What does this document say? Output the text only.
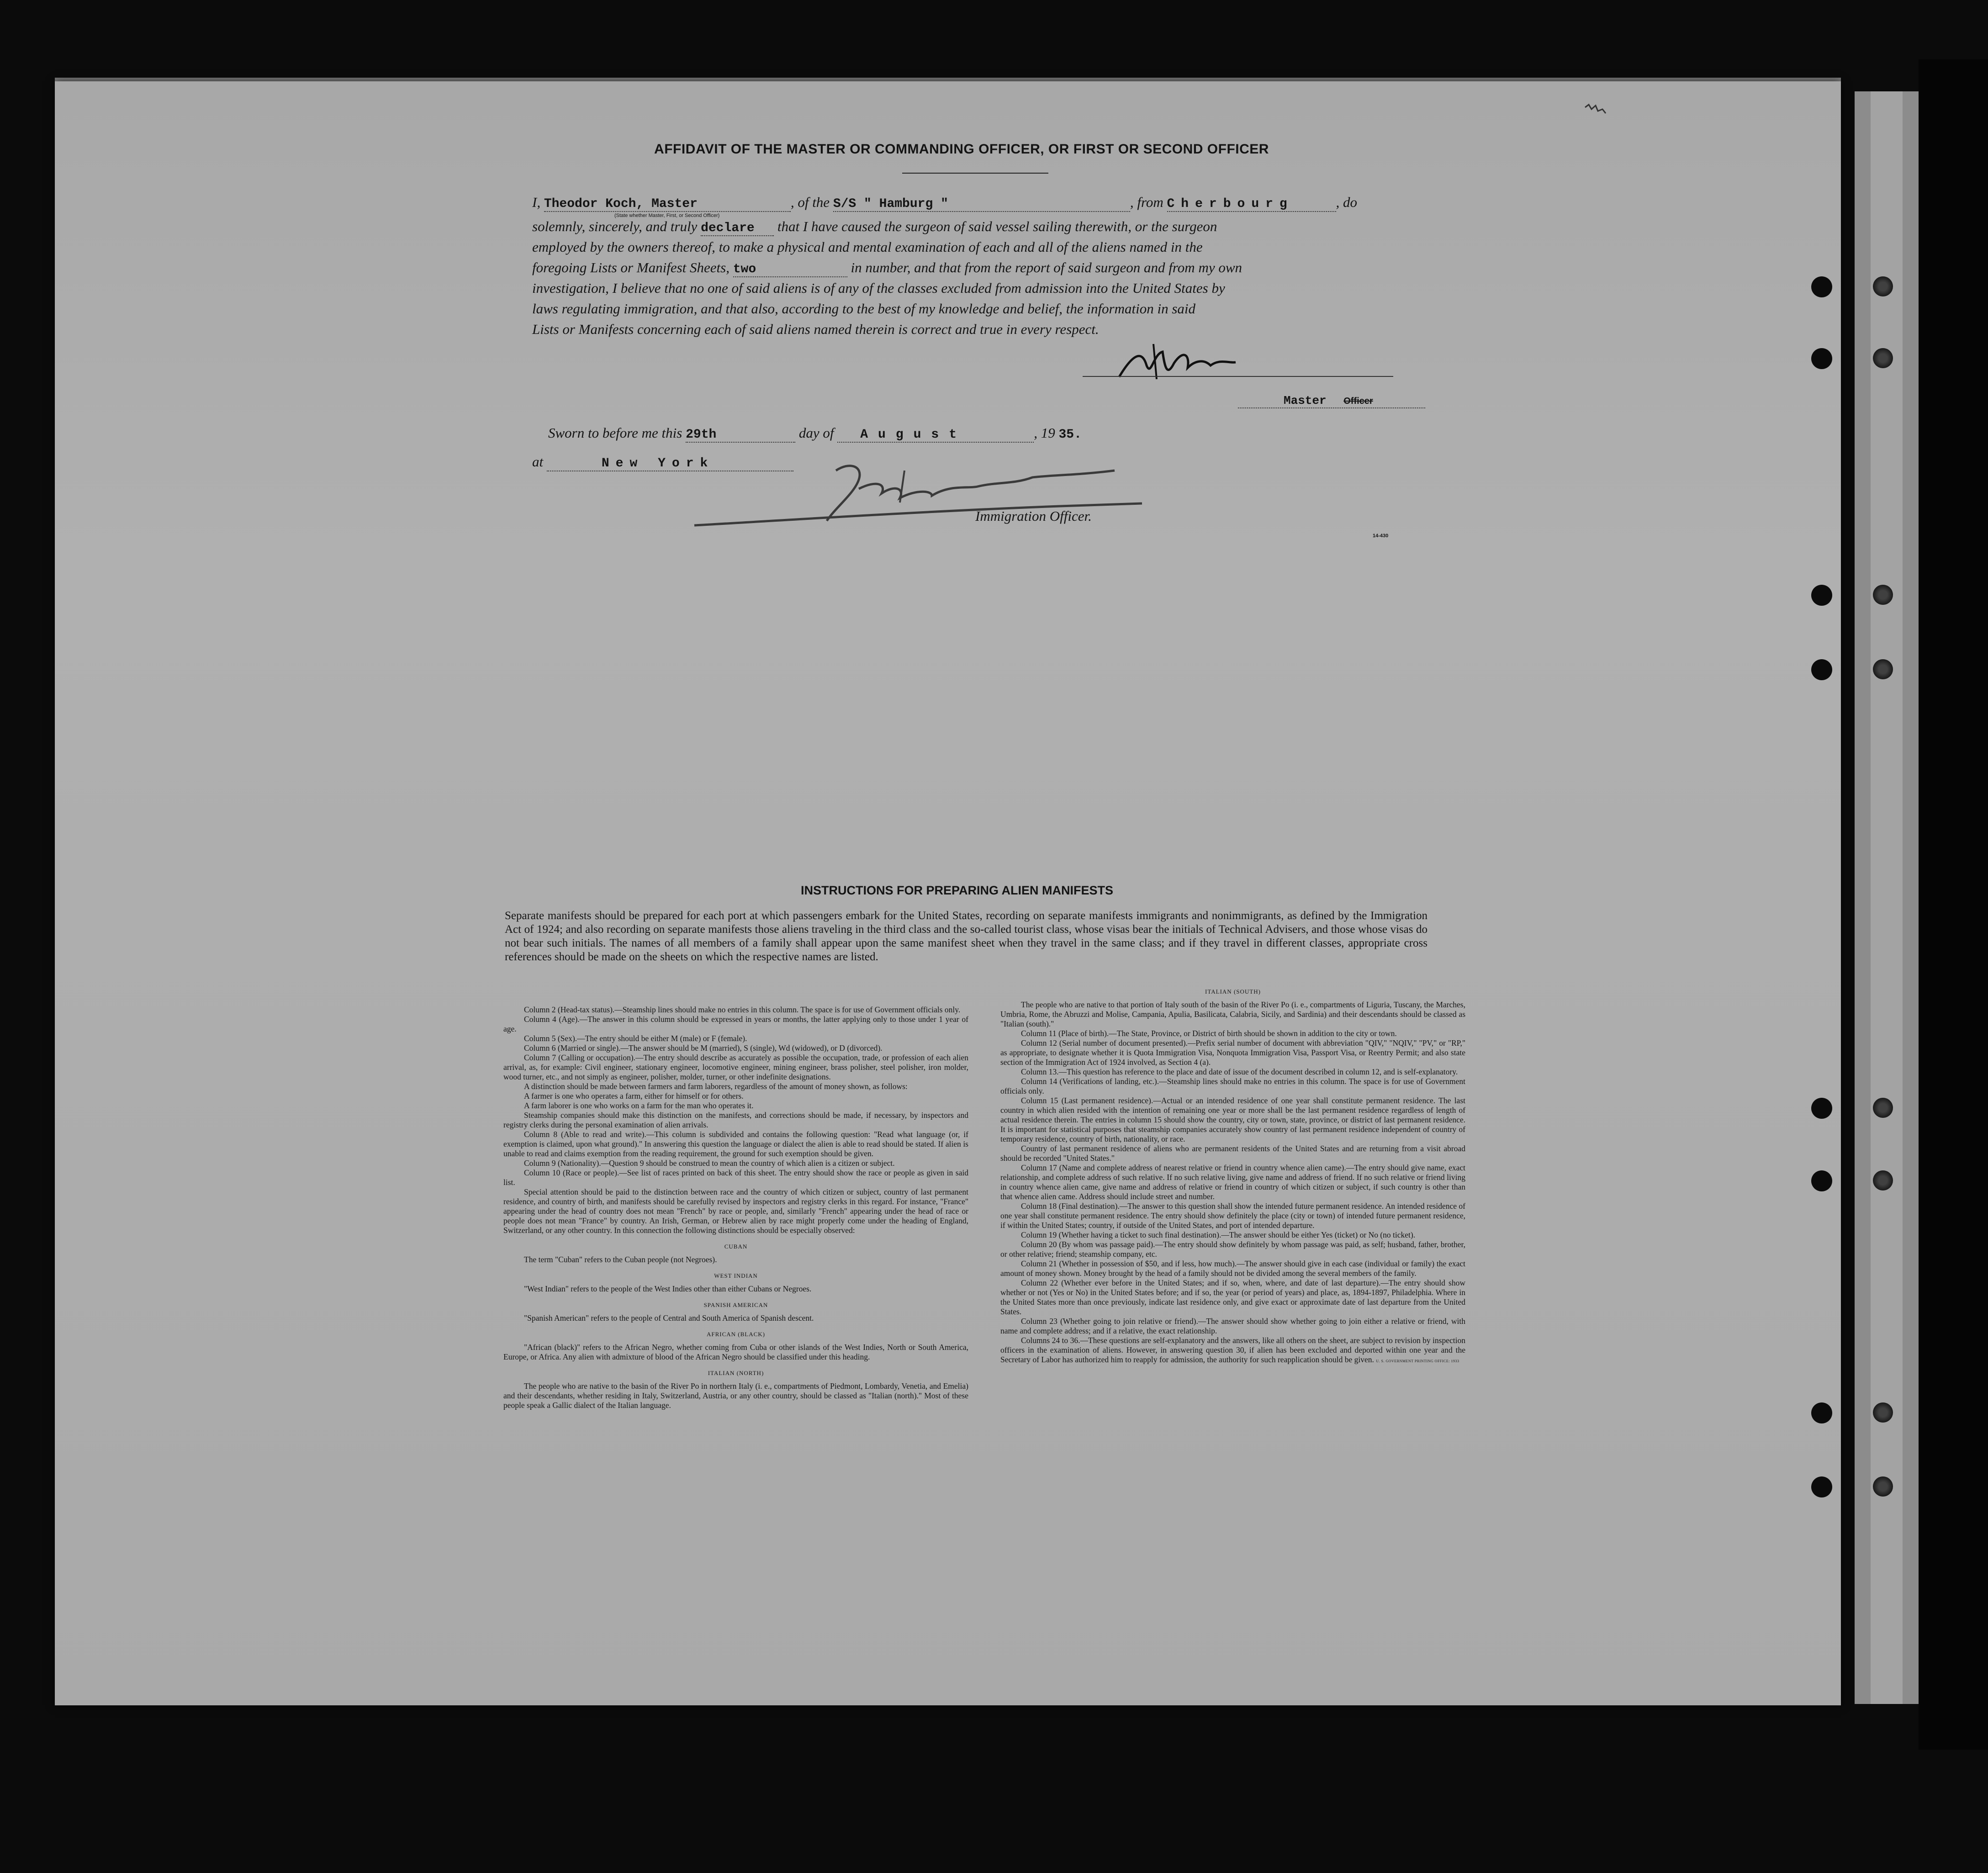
AFFIDAVIT OF THE MASTER OR COMMANDING OFFICER, OR FIRST OR SECOND OFFICER
I, Theodor Koch, Master	, of the S/S " Hamburg "	, from Cherbourg	, do
(State whether Master, First, or Second Officer)
solemnly, sincerely, and truly declare that I have caused the surgeon of said vessel sailing therewith, or the surgeon
employed by the owners thereof, to make a physical and mental examination of each and all of the aliens named in the
foregoing Lists or Manifest Sheets, two	in number, and that from the report of said surgeon and from my own
investigation, I believe that no one of said aliens is of any of the classes excluded from admission into the United States by
laws regulating immigration, and that also, according to the best of my knowledge and belief, the information in said
Lists or Manifests concerning each of said aliens named therein is correct and true in every respect.
Master Officer
Sworn to before me this 29th	day of August	, 19 35.
at	New York
Immigration Officer.
14-430
INSTRUCTIONS FOR PREPARING ALIEN MANIFESTS
Separate manifests should be prepared for each port at which passengers embark for the United States, recording on separate manifests immigrants and nonimmigrants, as defined by the Immigration Act of 1924; and also recording on separate manifests those aliens traveling in the third class and the so-called tourist class, whose visas bear the initials of Technical Advisers, and those whose visas do not bear such initials. The names of all members of a family shall appear upon the same manifest sheet when they travel in the same class; and if they travel in different classes, appropriate cross references should be made on the sheets on which the respective names are listed.

Column 2 (Head-tax status).—Steamship lines should make no entries in this column. The space is for use of Government officials only.

Column 4 (Age).—The answer in this column should be expressed in years or months, the latter applying only to those under 1 year of age.

Column 5 (Sex).—The entry should be either M (male) or F (female).

Column 6 (Married or single).—The answer should be M (married), S (single), Wd (widowed), or D (divorced).

Column 7 (Calling or occupation).—The entry should describe as accurately as possible the occupation, trade, or profession of each alien arrival, as, for example: Civil engineer, stationary engineer, locomotive engineer, mining engineer, brass polisher, steel polisher, iron molder, wood turner, etc., and not simply as engineer, polisher, molder, turner, or other indefinite designations.

A distinction should be made between farmers and farm laborers, regardless of the amount of money shown, as follows:

A farmer is one who operates a farm, either for himself or for others.

A farm laborer is one who works on a farm for the man who operates it.

Steamship companies should make this distinction on the manifests, and corrections should be made, if necessary, by inspectors and registry clerks during the personal examination of alien arrivals.

Column 8 (Able to read and write).—This column is subdivided and contains the following question: "Read what language (or, if exemption is claimed, upon what ground)." In answering this question the language or dialect the alien is able to read should be stated. If alien is unable to read and claims exemption from the reading requirement, the ground for such exemption should be given.

Column 9 (Nationality).—Question 9 should be construed to mean the country of which alien is a citizen or subject.

Column 10 (Race or people).—See list of races printed on back of this sheet. The entry should show the race or people as given in said list.

Special attention should be paid to the distinction between race and the country of which citizen or subject, country of last permanent residence, and country of birth, and manifests should be carefully revised by inspectors and registry clerks in this regard. For instance, "France" appearing under the head of country does not mean "French" by race or people, and, similarly "French" appearing under the head of race or people does not mean "France" by country. An Irish, German, or Hebrew alien by race might properly come under the heading of England, Switzerland, or any other country. In this connection the following distinctions should be especially observed:

CUBAN

The term "Cuban" refers to the Cuban people (not Negroes).

WEST INDIAN

"West Indian" refers to the people of the West Indies other than either Cubans or Negroes.

SPANISH AMERICAN

"Spanish American" refers to the people of Central and South America of Spanish descent.

AFRICAN (BLACK)

"African (black)" refers to the African Negro, whether coming from Cuba or other islands of the West Indies, North or South America, Europe, or Africa. Any alien with admixture of blood of the African Negro should be classified under this heading.

ITALIAN (NORTH)

The people who are native to the basin of the River Po in northern Italy (i. e., compartments of Piedmont, Lombardy, Venetia, and Emelia) and their descendants, whether residing in Italy, Switzerland, Austria, or any other country, should be classed as "Italian (north)." Most of these people speak a Gallic dialect of the Italian language.

ITALIAN (SOUTH)

The people who are native to that portion of Italy south of the basin of the River Po (i. e., compartments of Liguria, Tuscany, the Marches, Umbria, Rome, the Abruzzi and Molise, Campania, Apulia, Basilicata, Calabria, Sicily, and Sardinia) and their descendants should be classed as "Italian (south)."

Column 11 (Place of birth).—The State, Province, or District of birth should be shown in addition to the city or town.

Column 12 (Serial number of document presented).—Prefix serial number of document with abbreviation "QIV," "NQIV," "PV," or "RP," as appropriate, to designate whether it is Quota Immigration Visa, Nonquota Immigration Visa, Passport Visa, or Reentry Permit; and also state section of the Immigration Act of 1924 involved, as Section 4 (a).

Column 13.—This question has reference to the place and date of issue of the document described in column 12, and is self-explanatory.

Column 14 (Verifications of landing, etc.).—Steamship lines should make no entries in this column. The space is for use of Government officials only.

Column 15 (Last permanent residence).—Actual or an intended residence of one year shall constitute permanent residence. The last country in which alien resided with the intention of remaining one year or more shall be the last permanent residence regardless of length of actual residence therein. The entries in column 15 should show the country, city or town, state, province, or district of last permanent residence. It is important for statistical purposes that steamship companies accurately show country of last permanent residence independent of country of temporary residence, country of birth, nationality, or race.

Country of last permanent residence of aliens who are permanent residents of the United States and are returning from a visit abroad should be recorded "United States."

Column 17 (Name and complete address of nearest relative or friend in country whence alien came).—The entry should give name, exact relationship, and complete address of such relative. If no such relative living, give name and address of friend. If no such relative or friend living in country whence alien came, give name and address of relative or friend in country of which citizen or subject, if such country is other than that whence alien came. Address should include street and number.

Column 18 (Final destination).—The answer to this question shall show the intended future permanent residence. An intended residence of one year shall constitute permanent residence. The entry should show definitely the place (city or town) of intended future permanent residence, if within the United States; country, if outside of the United States, and port of intended departure.

Column 19 (Whether having a ticket to such final destination).—The answer should be either Yes (ticket) or No (no ticket).

Column 20 (By whom was passage paid).—The entry should show definitely by whom passage was paid, as self; husband, father, brother, or other relative; friend; steamship company, etc.

Column 21 (Whether in possession of $50, and if less, how much).—The answer should give in each case (individual or family) the exact amount of money shown. Money brought by the head of a family should not be divided among the several members of the family.

Column 22 (Whether ever before in the United States; and if so, when, where, and date of last departure).—The entry should show whether or not (Yes or No) in the United States before; and if so, the year (or period of years) and place, as, 1894-1897, Philadelphia. Where in the United States more than once previously, indicate last residence only, and give exact or approximate date of last departure from the United States.

Column 23 (Whether going to join relative or friend).—The answer should show whether going to join either a relative or friend, with name and complete address; and if a relative, the exact relationship.

Columns 24 to 36.—These questions are self-explanatory and the answers, like all others on the sheet, are subject to revision by inspection officers in the examination of aliens. However, in answering question 30, if alien has been excluded and deported within one year and the Secretary of Labor has authorized him to reapply for admission, the authority for such reapplication should be given. U. S. GOVERNMENT PRINTING OFFICE: 1933
